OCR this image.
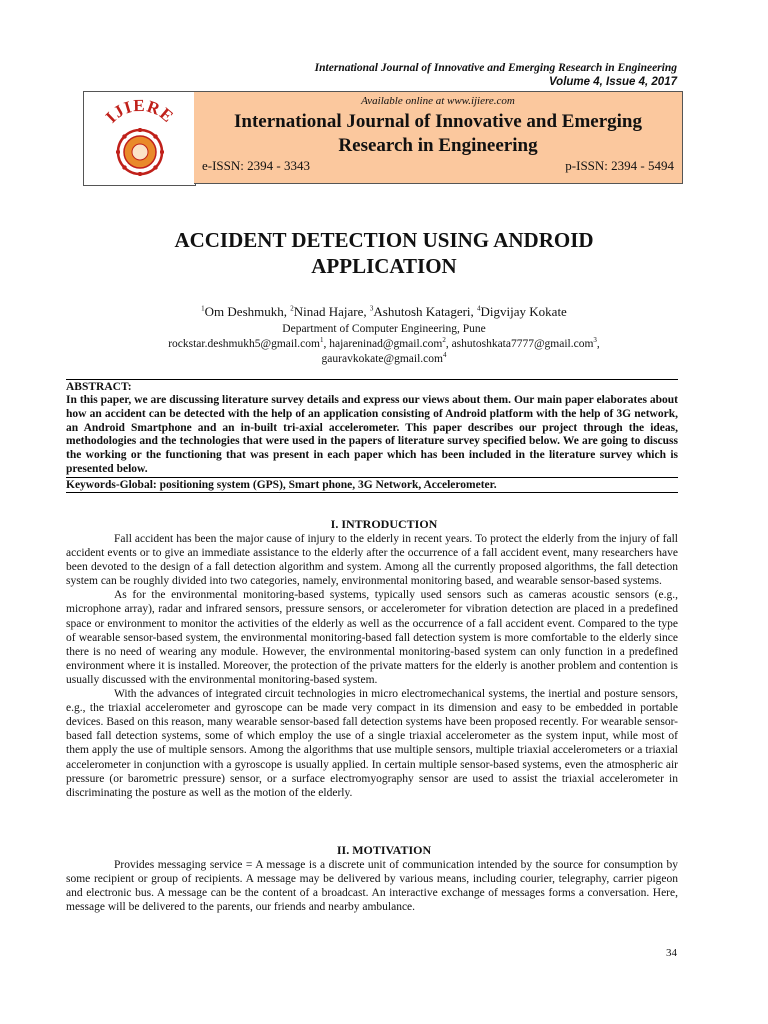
International Journal of Innovative and Emerging Research in Engineering
Volume 4, Issue 4, 2017
IJIERE
Available online at www.ijiere.com
International Journal of Innovative and Emerging
Research in Engineering
e-ISSN: 2394 - 3343	p-ISSN: 2394 - 5494
ACCIDENT DETECTION USING ANDROID
APPLICATION
$^1$Om Deshmukh, $^2$Ninad Hajare, $^3$Ashutosh Katageri, $^4$Digvijay Kokate
Department of Computer Engineering, Pune
rockstar.deshmukh5@gmail.com$^1$, hajareninad@gmail.com$^2$, ashutoshkata7777@gmail.com$^3$,
gauravkokate@gmail.com$^4$
ABSTRACT:
In this paper, we are discussing literature survey details and express our views about them. Our main paper elaborates about how an accident can be detected with the help of an application consisting of Android platform with the help of 3G network, an Android Smartphone and an in-built tri-axial accelerometer. This paper describes our project through the ideas, methodologies and the technologies that were used in the papers of literature survey specified below. We are going to discuss the working or the functioning that was present in each paper which has been included in the literature survey which is presented below.
Keywords-Global: positioning system (GPS), Smart phone, 3G Network, Accelerometer.
I. INTRODUCTION

Fall accident has been the major cause of injury to the elderly in recent years. To protect the elderly from the injury of fall accident events or to give an immediate assistance to the elderly after the occurrence of a fall accident event, many researchers have been devoted to the design of a fall detection algorithm and system. Among all the currently proposed algorithms, the fall detection system can be roughly divided into two categories, namely, environmental monitoring based, and wearable sensor-based systems.

As for the environmental monitoring-based systems, typically used sensors such as cameras acoustic sensors (e.g., microphone array), radar and infrared sensors, pressure sensors, or accelerometer for vibration detection are placed in a predefined space or environment to monitor the activities of the elderly as well as the occurrence of a fall accident event. Compared to the type of wearable sensor-based system, the environmental monitoring-based fall detection system is more comfortable to the elderly since there is no need of wearing any module. However, the environmental monitoring-based system can only function in a predefined environment where it is installed. Moreover, the protection of the private matters for the elderly is another problem and contention is usually discussed with the environmental monitoring-based system.

With the advances of integrated circuit technologies in micro electromechanical systems, the inertial and posture sensors, e.g., the triaxial accelerometer and gyroscope can be made very compact in its dimension and easy to be embedded in portable devices. Based on this reason, many wearable sensor-based fall detection systems have been proposed recently. For wearable sensor-based fall detection systems, some of which employ the use of a single triaxial accelerometer as the system input, while most of them apply the use of multiple sensors. Among the algorithms that use multiple sensors, multiple triaxial accelerometers or a triaxial accelerometer in conjunction with a gyroscope is usually applied. In certain multiple sensor-based systems, even the atmospheric air pressure (or barometric pressure) sensor, or a surface electromyography sensor are used to assist the triaxial accelerometer in discriminating the posture as well as the motion of the elderly.

II. MOTIVATION

Provides messaging service = A message is a discrete unit of communication intended by the source for consumption by some recipient or group of recipients. A message may be delivered by various means, including courier, telegraphy, carrier pigeon and electronic bus. A message can be the content of a broadcast. An interactive exchange of messages forms a conversation. Here, message will be delivered to the parents, our friends and nearby ambulance.

34
